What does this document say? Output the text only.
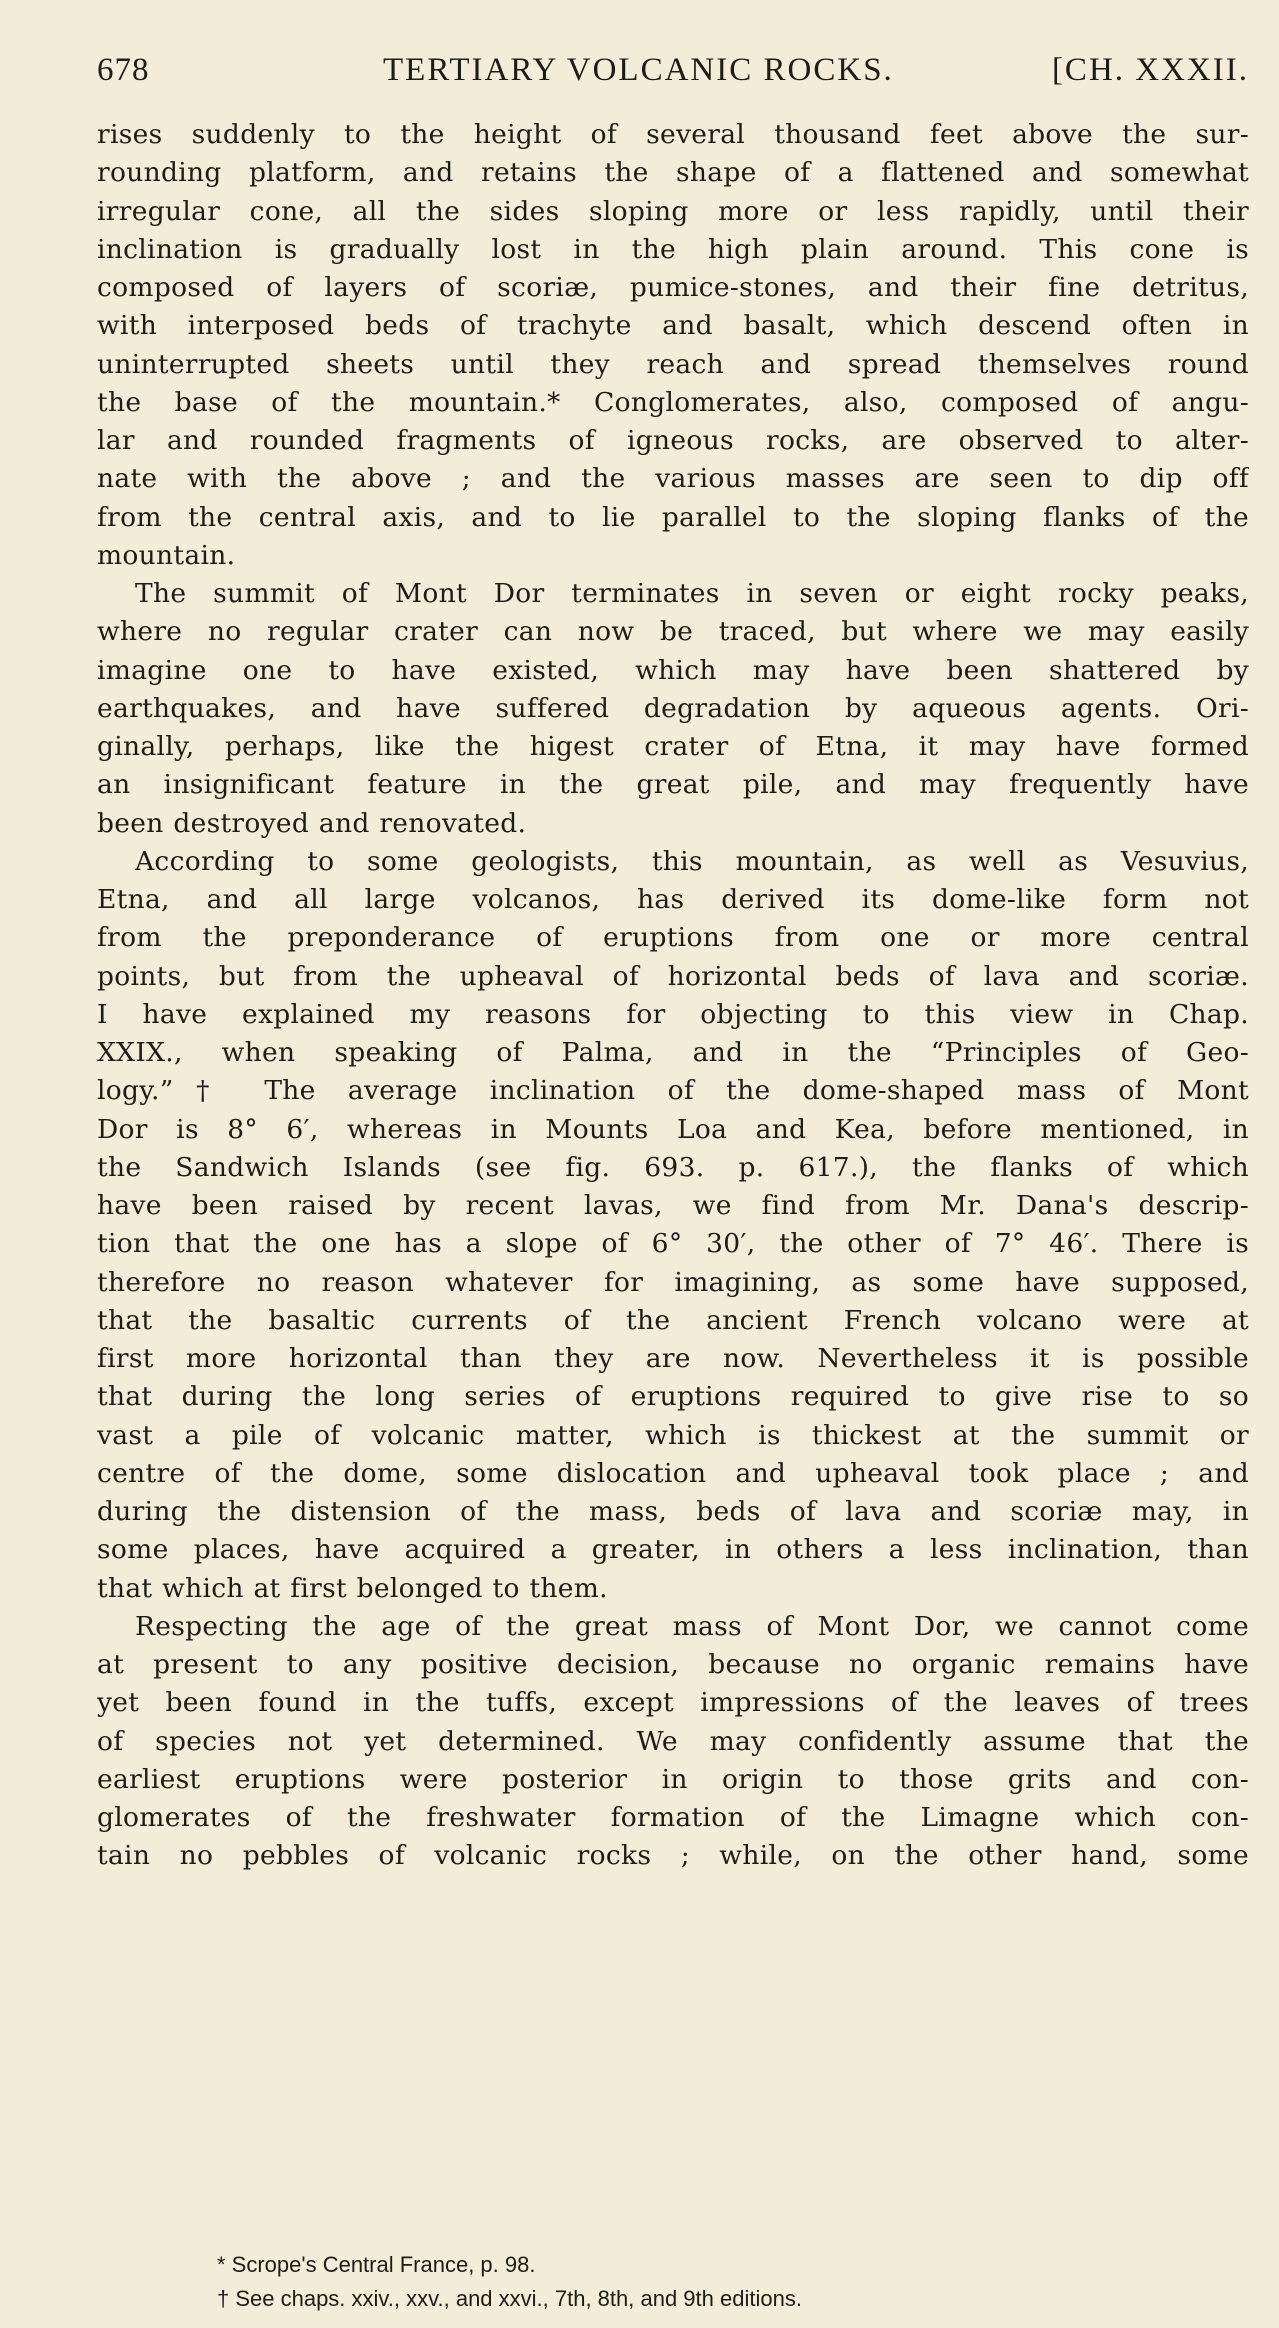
678	TERTIARY VOLCANIC ROCKS.	[CH. XXXII.
rises suddenly to the height of several thousand feet above the sur-
rounding platform, and retains the shape of a flattened and somewhat
irregular cone, all the sides sloping more or less rapidly, until their
inclination is gradually lost in the high plain around. This cone is
composed of layers of scoriæ, pumice-stones, and their fine detritus,
with interposed beds of trachyte and basalt, which descend often in
uninterrupted sheets until they reach and spread themselves round
the base of the mountain.* Conglomerates, also, composed of angu-
lar and rounded fragments of igneous rocks, are observed to alter-
nate with the above ; and the various masses are seen to dip off
from the central axis, and to lie parallel to the sloping flanks of the
mountain.
The summit of Mont Dor terminates in seven or eight rocky peaks,
where no regular crater can now be traced, but where we may easily
imagine one to have existed, which may have been shattered by
earthquakes, and have suffered degradation by aqueous agents. Ori-
ginally, perhaps, like the higest crater of Etna, it may have formed
an insignificant feature in the great pile, and may frequently have
been destroyed and renovated.
According to some geologists, this mountain, as well as Vesuvius,
Etna, and all large volcanos, has derived its dome-like form not
from the preponderance of eruptions from one or more central
points, but from the upheaval of horizontal beds of lava and scoriæ.
I have explained my reasons for objecting to this view in Chap.
XXIX., when speaking of Palma, and in the “Principles of Geo-
logy.”† The average inclination of the dome-shaped mass of Mont
Dor is 8° 6′, whereas in Mounts Loa and Kea, before mentioned, in
the Sandwich Islands (see fig. 693. p. 617.), the flanks of which
have been raised by recent lavas, we find from Mr. Dana's descrip-
tion that the one has a slope of 6° 30′, the other of 7° 46′. There is
therefore no reason whatever for imagining, as some have supposed,
that the basaltic currents of the ancient French volcano were at
first more horizontal than they are now. Nevertheless it is possible
that during the long series of eruptions required to give rise to so
vast a pile of volcanic matter, which is thickest at the summit or
centre of the dome, some dislocation and upheaval took place ; and
during the distension of the mass, beds of lava and scoriæ may, in
some places, have acquired a greater, in others a less inclination, than
that which at first belonged to them.
Respecting the age of the great mass of Mont Dor, we cannot come
at present to any positive decision, because no organic remains have
yet been found in the tuffs, except impressions of the leaves of trees
of species not yet determined. We may confidently assume that the
earliest eruptions were posterior in origin to those grits and con-
glomerates of the freshwater formation of the Limagne which con-
tain no pebbles of volcanic rocks ; while, on the other hand, some
* Scrope's Central France, p. 98.
† See chaps. xxiv., xxv., and xxvi., 7th, 8th, and 9th editions.
